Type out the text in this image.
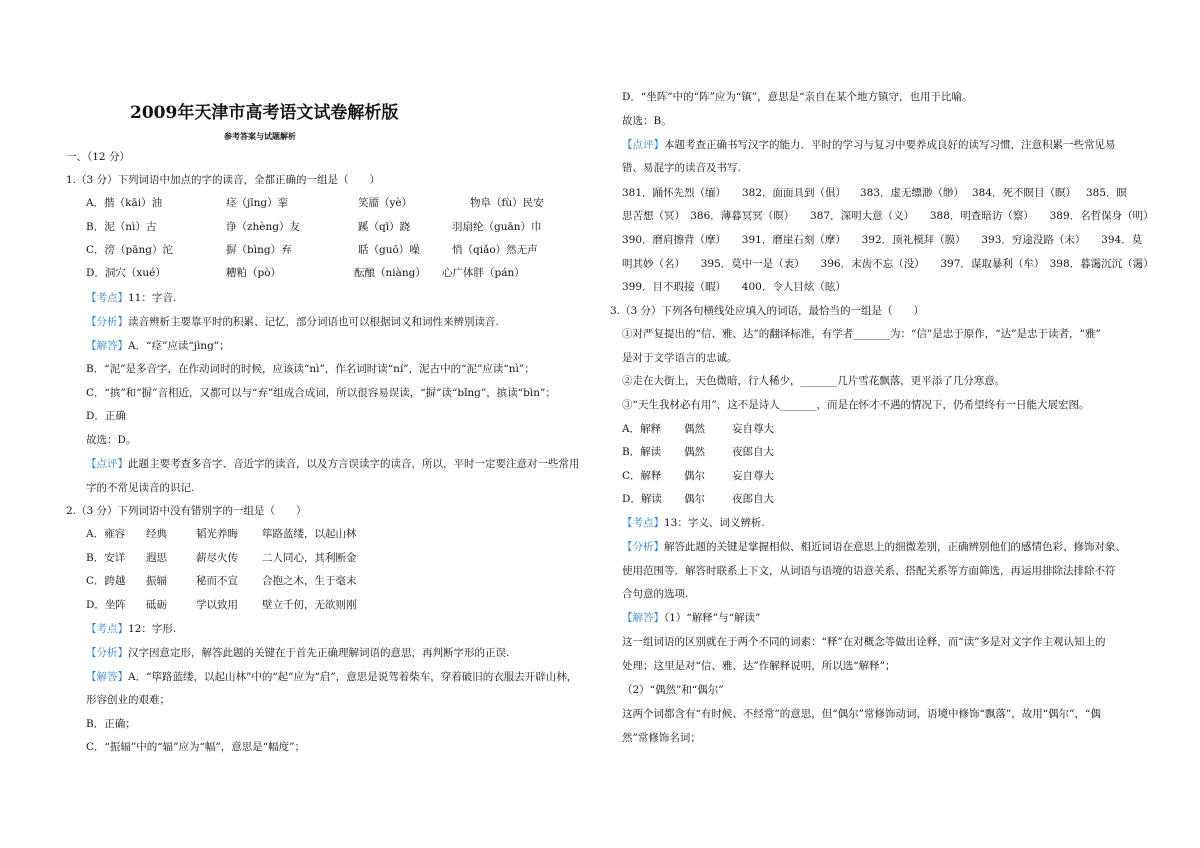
2009年天津市高考语文试卷解析版
参考答案与试题解析
一、（12 分）
1.（3 分）下列词语中加点的字的读音，全都正确的一组是（　　）
A．揩（kāi）油	痉（jīng）挛	笑靥（yè）	物阜（fù）民安
B．泥（nì）古	诤（zhèng）友	蹊（qī）跷	羽扇纶（guān）巾
C．滂（pāng）沱	摒（bìng）弃	聒（guō）噪	悄（qiǎo）然无声
D．洞穴（xué）	糟粕（pò）	酝酿（niàng） 心广体胖（pán）
【考点】11：字音.
【分析】读音辨析主要靠平时的积累、记忆，部分词语也可以根据词义和词性来辨别读音.
【解答】A．“痉”应读“jìng”；
B．“泥”是多音字，在作动词时的时候，应该读“nì”，作名词时读“ní”，泥古中的“泥”应读“nì”；
C．“摈”和“摒”音相近，又都可以与“弃”组成合成词，所以很容易误读，“摒”读“bǐng”，摈读“bìn”；
D．正确
故选：D。
【点评】此题主要考查多音字、音近字的读音，以及方言误读字的读音，所以，平时一定要注意对一些常用
字的不常见读音的识记.
2.（3 分）下列词语中没有错别字的一组是（　　）
A．雍容 经典	韬光养晦 筚路蓝缕，以起山林
B．安详 遐思	薪尽火传 二人同心，其利断金
C．跨越 振辐	秘而不宣 合抱之木，生于毫末
D．坐阵 砥砺	学以致用 壁立千仞，无欲则刚
【考点】12：字形.
【分析】汉字因意定形，解答此题的关键在于首先正确理解词语的意思，再判断字形的正误.
【解答】A．“筚路蓝缕，以起山林”中的“起”应为“启”，意思是说驾着柴车，穿着破旧的衣服去开辟山林，
形容创业的艰难；
B．正确；
C．“振辐”中的“辐”应为“幅”，意思是“幅度”；
D．“坐阵”中的“阵”应为“镇”，意思是“亲自在某个地方镇守，也用于比喻。
故选：B。
【点评】本题考查正确书写汉字的能力．平时的学习与复习中要养成良好的读写习惯，注意积累一些常见易
错、易混字的读音及书写.
381．踊怀先烈（缅） 382．面面具到（俱） 383．虚无缥渺（缈） 384．死不瞑目（瞑） 385．瞑
思苦想（冥）　386．薄暮冥冥（暝）　　387．深明大意（义）　　388．明查暗访（察）　　389．名哲保身（明）
390．磨肩擦背（摩）　　391．磨崖石刻（摩）　　392．顶礼模拜（膜）　　393．穷途没路（末）　　394．莫
明其妙（名）　　395．莫中一是（衷）　　396．末齿不忘（没）　　397．谋取暴利（牟）　398．暮霭沉沉（霭）
399．目不瑕接（暇）　　400．令人目炫（眩）
3.（3 分）下列各句横线处应填入的词语，最恰当的一组是（　　）
①对严复提出的“信、雅、达”的翻译标准，有学者_______为：“信”是忠于原作，“达”是忠于读者，“雅”
是对于文学语言的忠诚。
②走在大街上，天色微暗，行人稀少，_______几片雪花飘落，更平添了几分寒意。
③“天生我材必有用”，这不是诗人_______，而是在怀才不遇的情况下，仍希望终有一日能大展宏图。
A．解释 偶然	妄自尊大
B．解读 偶然	夜郎自大
C．解释 偶尔	妄自尊大
D．解读 偶尔	夜郎自大
【考点】13：字义、词义辨析.
【分析】解答此题的关键是掌握相似、相近词语在意思上的细微差别，正确辨别他们的感情色彩、修饰对象、
使用范围等．解答时联系上下文，从词语与语境的语意关系、搭配关系等方面筛选，再运用排除法排除不符
合句意的选项.
【解答】（1）“解释”与“解读”
这一组词语的区别就在于两个不同的词素：“释”在对概念等做出诠释，而“读”多是对文字作主观认知上的
处理；这里是对“信、雅、达”作解释说明，所以选“解释”；
（2）“偶然”和“偶尔”
这两个词都含有“有时候、不经常”的意思，但“偶尔”常修饰动词，语境中修饰“飘落”，故用“偶尔”，“偶
然”常修饰名词；
